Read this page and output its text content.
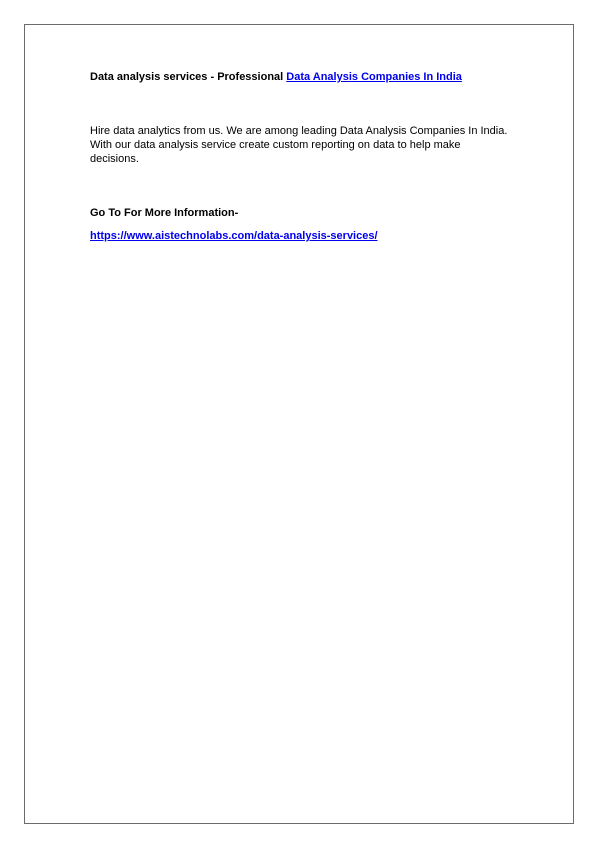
Data analysis services - Professional Data Analysis Companies In India

Hire data analytics from us. We are among leading Data Analysis Companies In India.
With our data analysis service create custom reporting on data to help make
decisions.

Go To For More Information-

https://www.aistechnolabs.com/data-analysis-services/
